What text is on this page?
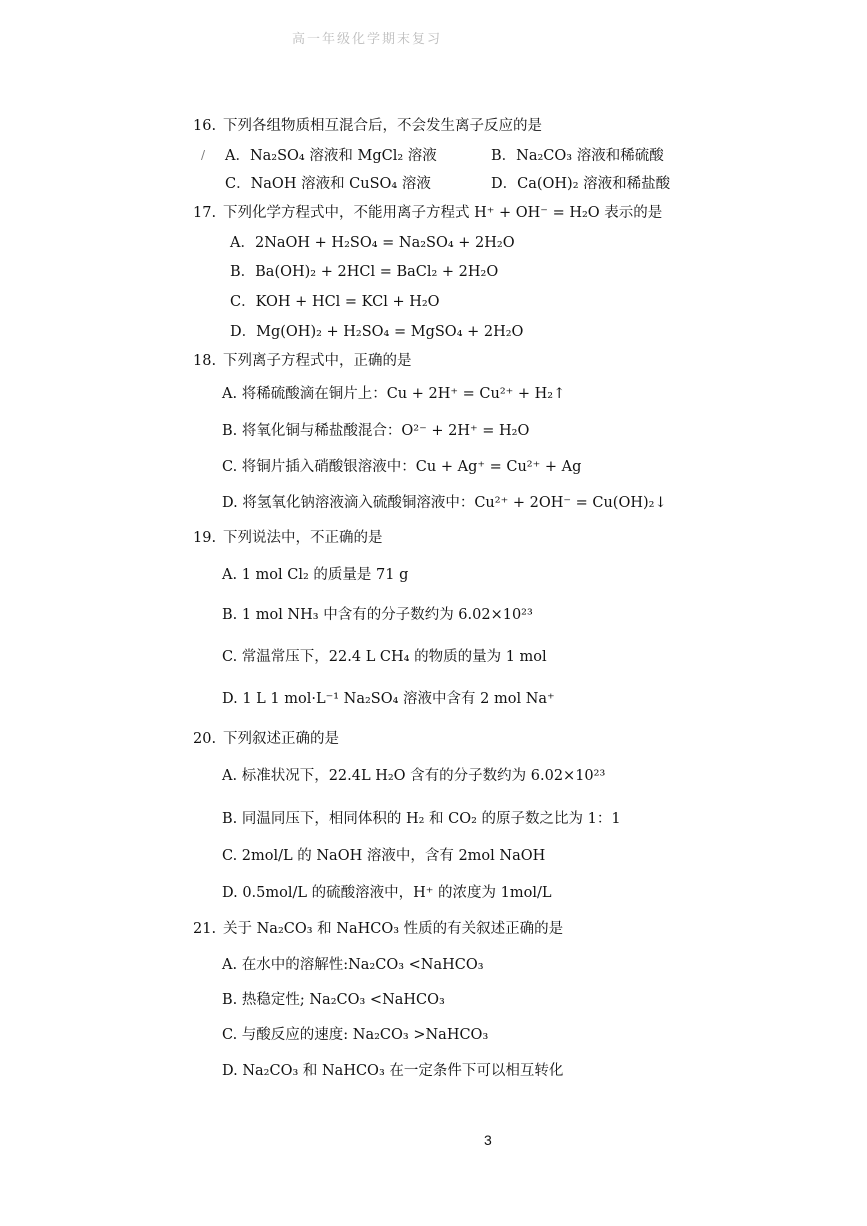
高一年级化学期末复习
/
16. 下列各组物质相互混合后，不会发生离子反应的是
A．Na₂SO₄ 溶液和 MgCl₂ 溶液	B．Na₂CO₃ 溶液和稀硫酸
C．NaOH 溶液和 CuSO₄ 溶液	D．Ca(OH)₂ 溶液和稀盐酸
17. 下列化学方程式中，不能用离子方程式 H⁺ + OH⁻ = H₂O 表示的是
A．2NaOH + H₂SO₄ = Na₂SO₄ + 2H₂O
B．Ba(OH)₂ + 2HCl = BaCl₂ + 2H₂O
C．KOH + HCl = KCl + H₂O
D．Mg(OH)₂ + H₂SO₄ = MgSO₄ + 2H₂O
18. 下列离子方程式中，正确的是
A. 将稀硫酸滴在铜片上：Cu + 2H⁺ = Cu²⁺ + H₂↑
B. 将氧化铜与稀盐酸混合：O²⁻ + 2H⁺ = H₂O
C. 将铜片插入硝酸银溶液中：Cu + Ag⁺ = Cu²⁺ + Ag
D. 将氢氧化钠溶液滴入硫酸铜溶液中：Cu²⁺ + 2OH⁻ = Cu(OH)₂↓
19. 下列说法中，不正确的是
A. 1 mol Cl₂ 的质量是 71 g
B. 1 mol NH₃ 中含有的分子数约为 6.02×10²³
C. 常温常压下，22.4 L CH₄ 的物质的量为 1 mol
D. 1 L 1 mol·L⁻¹ Na₂SO₄ 溶液中含有 2 mol Na⁺
20. 下列叙述正确的是
A. 标准状况下，22.4L H₂O 含有的分子数约为 6.02×10²³
B. 同温同压下，相同体积的 H₂ 和 CO₂ 的原子数之比为 1：1
C. 2mol/L 的 NaOH 溶液中，含有 2mol NaOH
D. 0.5mol/L 的硫酸溶液中，H⁺ 的浓度为 1mol/L
21. 关于 Na₂CO₃ 和 NaHCO₃ 性质的有关叙述正确的是
A. 在水中的溶解性:Na₂CO₃ <NaHCO₃
B. 热稳定性; Na₂CO₃ <NaHCO₃
C. 与酸反应的速度: Na₂CO₃ >NaHCO₃
D. Na₂CO₃ 和 NaHCO₃ 在一定条件下可以相互转化
3
